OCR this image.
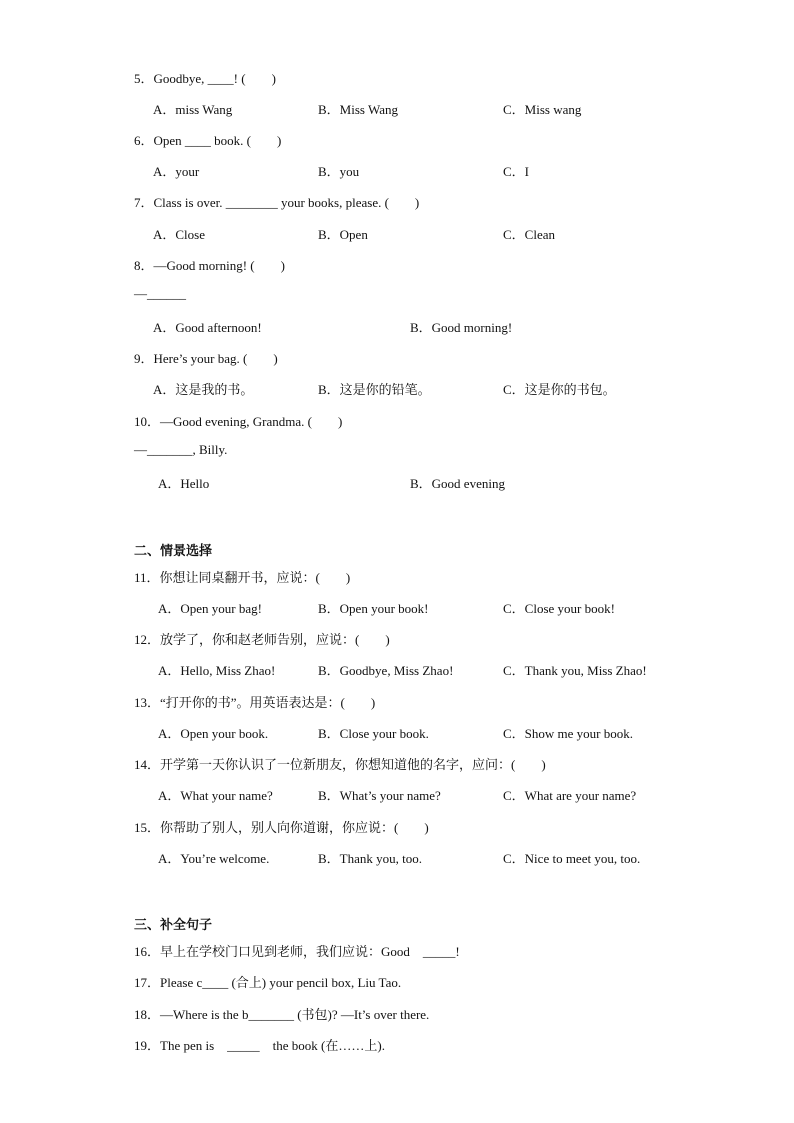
5．Goodbye, ____! (　　)
A．miss Wang	B．Miss Wang	C．Miss wang
6．Open ____ book. (　　)
A．your	B．you	C．I
7．Class is over. ________ your books, please. (　　)
A．Close	B．Open	C．Clean
8．—Good morning! (　　)
—______
A．Good afternoon!	B．Good morning!
9．Here’s your bag. (　　)
A．这是我的书。	B．这是你的铅笔。	C．这是你的书包。
10．—Good evening, Grandma. (　　)
—_______, Billy.
A．Hello	B．Good evening
二、情景选择
11．你想让同桌翻开书，应说：(　　)
A．Open your bag!	B．Open your book!	C．Close your book!
12．放学了，你和赵老师告别，应说：(　　)
A．Hello, Miss Zhao!	B．Goodbye, Miss Zhao!	C．Thank you, Miss Zhao!
13．“打开你的书”。用英语表达是：(　　)
A．Open your book.	B．Close your book.	C．Show me your book.
14．开学第一天你认识了一位新朋友，你想知道他的名字，应问：(　　)
A．What your name?	B．What’s your name?	C．What are your name?
15．你帮助了别人，别人向你道谢，你应说：(　　)
A．You’re welcome.	B．Thank you, too.	C．Nice to meet you, too.
三、补全句子
16．早上在学校门口见到老师，我们应说：Good　_____!
17．Please c____ (合上) your pencil box, Liu Tao.
18．—Where is the b_______ (书包)? —It’s over there.
19．The pen is　_____　the book (在……上).
